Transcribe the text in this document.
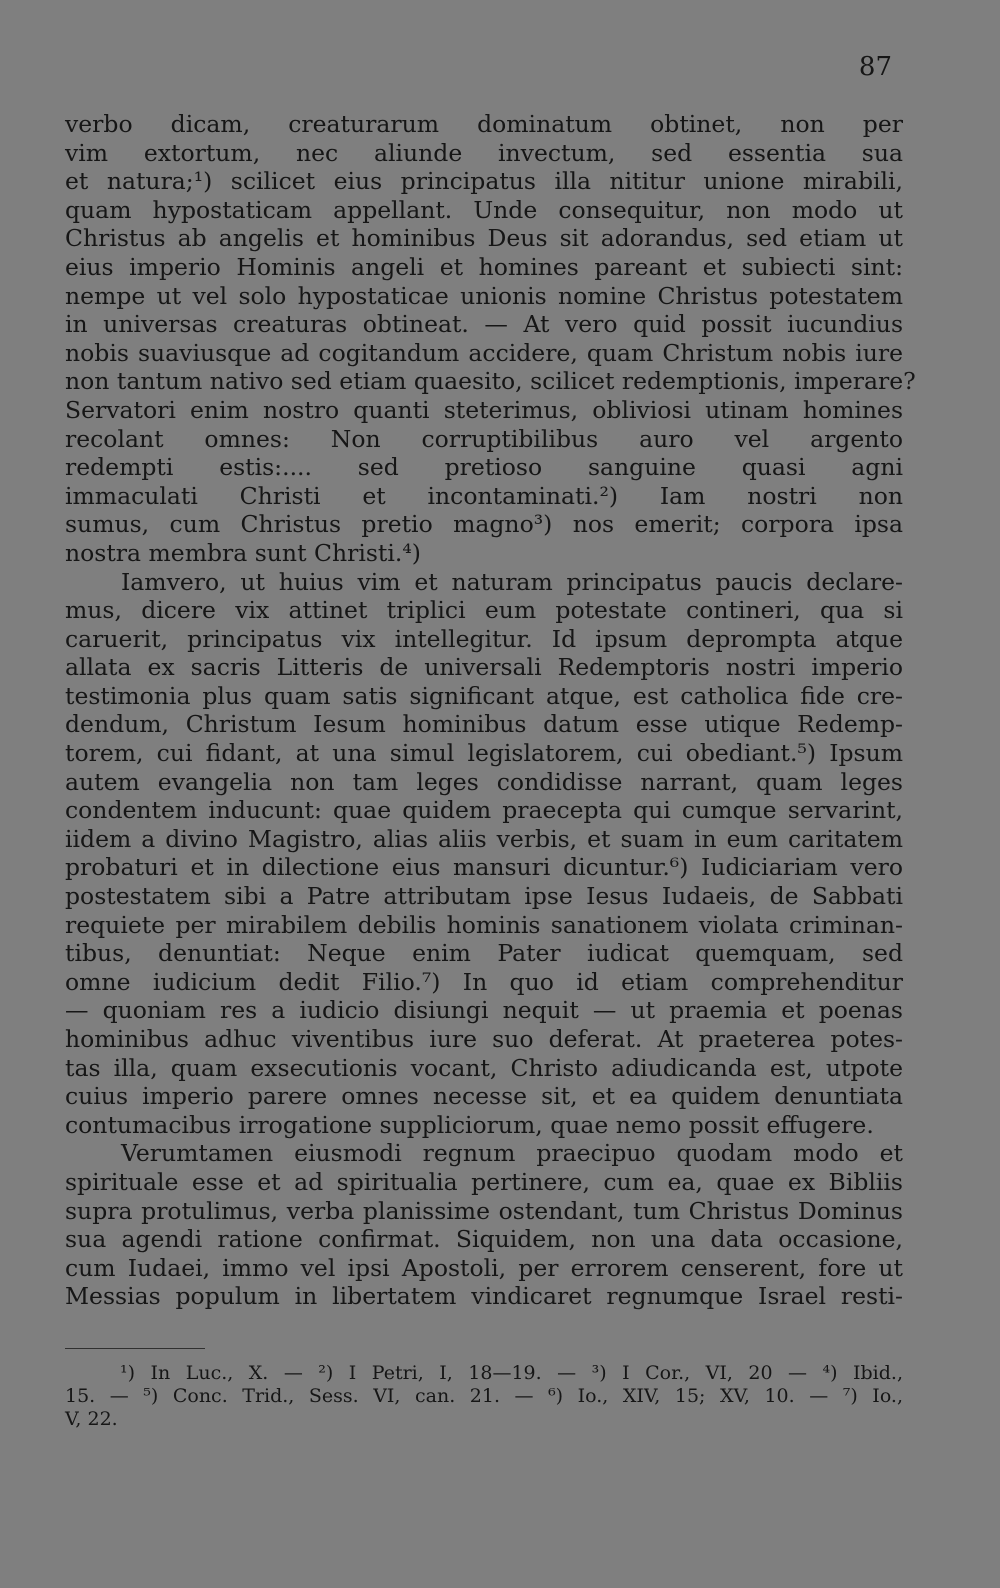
87
verbo dicam, creaturarum dominatum obtinet, non per
vim extortum, nec aliunde invectum, sed essentia sua
et natura;¹) scilicet eius principatus illa nititur unione mirabili,
quam hypostaticam appellant. Unde consequitur, non modo ut
Christus ab angelis et hominibus Deus sit adorandus, sed etiam ut
eius imperio Hominis angeli et homines pareant et subiecti sint:
nempe ut vel solo hypostaticae unionis nomine Christus potestatem
in universas creaturas obtineat. — At vero quid possit iucundius
nobis suaviusque ad cogitandum accidere, quam Christum nobis iure
non tantum nativo sed etiam quaesito, scilicet redemptionis, imperare?
Servatori enim nostro quanti steterimus, obliviosi utinam homines
recolant omnes: Non corruptibilibus auro vel argento
redempti estis:.... sed pretioso sanguine quasi agni
immaculati Christi et incontaminati.²) Iam nostri non
sumus, cum Christus pretio magno³) nos emerit; corpora ipsa
nostra membra sunt Christi.⁴)
Iamvero, ut huius vim et naturam principatus paucis declare-
mus, dicere vix attinet triplici eum potestate contineri, qua si
caruerit, principatus vix intellegitur. Id ipsum deprompta atque
allata ex sacris Litteris de universali Redemptoris nostri imperio
testimonia plus quam satis significant atque, est catholica fide cre-
dendum, Christum Iesum hominibus datum esse utique Redemp-
torem, cui fidant, at una simul legislatorem, cui obediant.⁵) Ipsum
autem evangelia non tam leges condidisse narrant, quam leges
condentem inducunt: quae quidem praecepta qui cumque servarint,
iidem a divino Magistro, alias aliis verbis, et suam in eum caritatem
probaturi et in dilectione eius mansuri dicuntur.⁶) Iudiciariam vero
postestatem sibi a Patre attributam ipse Iesus Iudaeis, de Sabbati
requiete per mirabilem debilis hominis sanationem violata criminan-
tibus, denuntiat: Neque enim Pater iudicat quemquam, sed
omne iudicium dedit Filio.⁷) In quo id etiam comprehenditur
— quoniam res a iudicio disiungi nequit — ut praemia et poenas
hominibus adhuc viventibus iure suo deferat. At praeterea potes-
tas illa, quam exsecutionis vocant, Christo adiudicanda est, utpote
cuius imperio parere omnes necesse sit, et ea quidem denuntiata
contumacibus irrogatione suppliciorum, quae nemo possit effugere.
Verumtamen eiusmodi regnum praecipuo quodam modo et
spirituale esse et ad spiritualia pertinere, cum ea, quae ex Bibliis
supra protulimus, verba planissime ostendant, tum Christus Dominus
sua agendi ratione confirmat. Siquidem, non una data occasione,
cum Iudaei, immo vel ipsi Apostoli, per errorem censerent, fore ut
Messias populum in libertatem vindicaret regnumque Israel resti-
¹) In Luc., X. — ²) I Petri, I, 18—19. — ³) I Cor., VI, 20 — ⁴) Ibid.,
15. — ⁵) Conc. Trid., Sess. VI, can. 21. — ⁶) Io., XIV, 15; XV, 10. — ⁷) Io.,
V, 22.
